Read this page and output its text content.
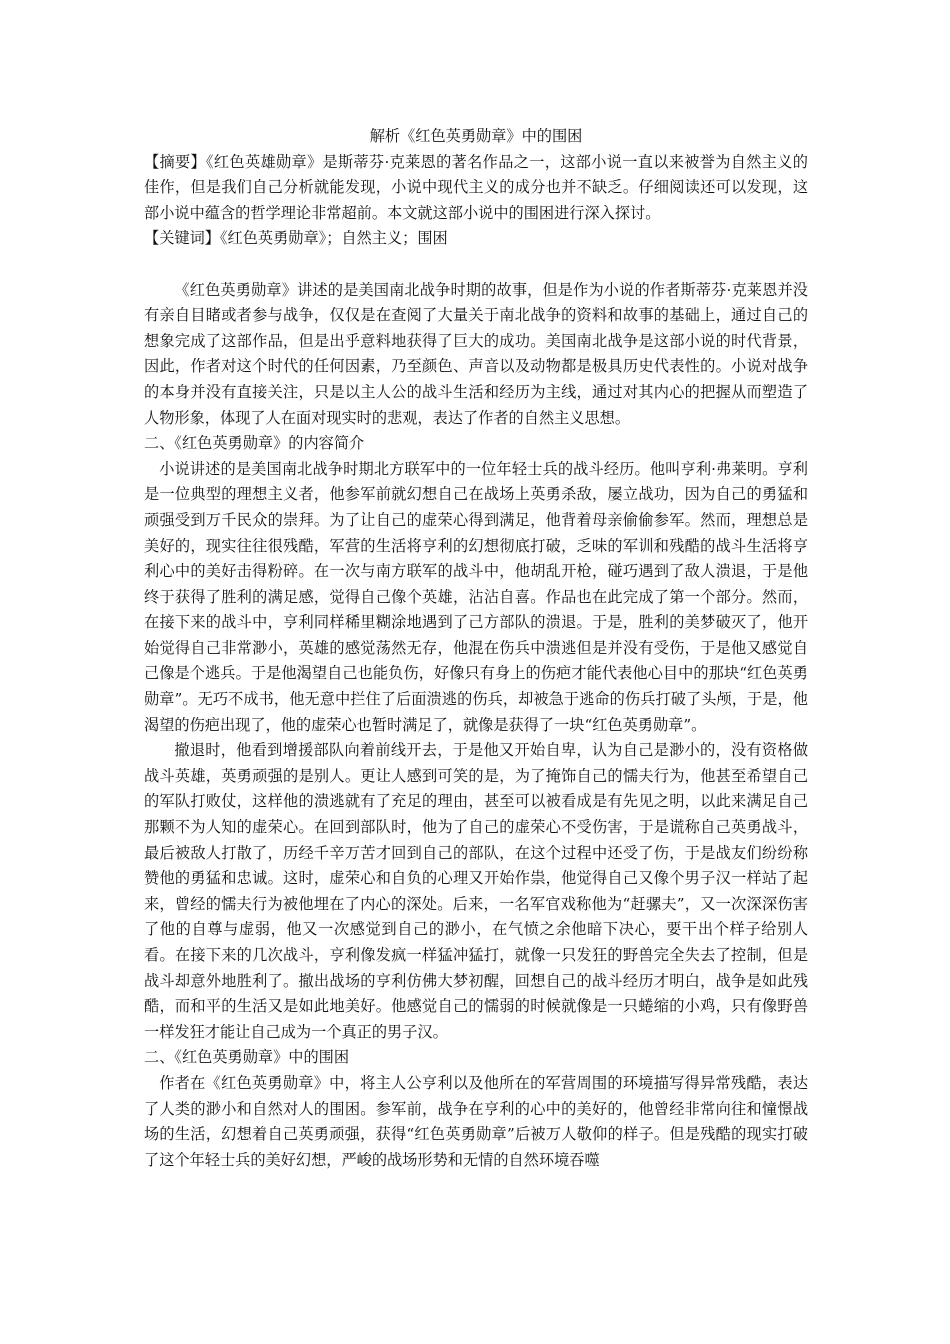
解析《红色英勇勋章》中的围困

【摘要】《红色英雄勋章》是斯蒂芬·克莱恩的著名作品之一，这部小说一直以来被誉为自然主义的佳作，但是我们自己分析就能发现，小说中现代主义的成分也并不缺乏。仔细阅读还可以发现，这部小说中蕴含的哲学理论非常超前。本文就这部小说中的围困进行深入探讨。

【关键词】《红色英勇勋章》；自然主义；围困

《红色英勇勋章》讲述的是美国南北战争时期的故事，但是作为小说的作者斯蒂芬·克莱恩并没有亲自目睹或者参与战争，仅仅是在查阅了大量关于南北战争的资料和故事的基础上，通过自己的想象完成了这部作品，但是出乎意料地获得了巨大的成功。美国南北战争是这部小说的时代背景，因此，作者对这个时代的任何因素，乃至颜色、声音以及动物都是极具历史代表性的。小说对战争的本身并没有直接关注，只是以主人公的战斗生活和经历为主线，通过对其内心的把握从而塑造了人物形象，体现了人在面对现实时的悲观，表达了作者的自然主义思想。

二、《红色英勇勋章》的内容简介

小说讲述的是美国南北战争时期北方联军中的一位年轻士兵的战斗经历。他叫亨利·弗莱明。亨利是一位典型的理想主义者，他参军前就幻想自己在战场上英勇杀敌，屡立战功，因为自己的勇猛和顽强受到万千民众的崇拜。为了让自己的虚荣心得到满足，他背着母亲偷偷参军。然而，理想总是美好的，现实往往很残酷，军营的生活将亨利的幻想彻底打破，乏味的军训和残酷的战斗生活将亨利心中的美好击得粉碎。在一次与南方联军的战斗中，他胡乱开枪，碰巧遇到了敌人溃退，于是他终于获得了胜利的满足感，觉得自己像个英雄，沾沾自喜。作品也在此完成了第一个部分。然而，在接下来的战斗中，亨利同样稀里糊涂地遇到了己方部队的溃退。于是，胜利的美梦破灭了，他开始觉得自己非常渺小，英雄的感觉荡然无存，他混在伤兵中溃逃但是并没有受伤，于是他又感觉自己像是个逃兵。于是他渴望自己也能负伤，好像只有身上的伤疤才能代表他心目中的那块“红色英勇勋章”。无巧不成书，他无意中拦住了后面溃逃的伤兵，却被急于逃命的伤兵打破了头颅，于是，他渴望的伤疤出现了，他的虚荣心也暂时满足了，就像是获得了一块“红色英勇勋章”。

撤退时，他看到增援部队向着前线开去，于是他又开始自卑，认为自己是渺小的，没有资格做战斗英雄，英勇顽强的是别人。更让人感到可笑的是，为了掩饰自己的懦夫行为，他甚至希望自己的军队打败仗，这样他的溃逃就有了充足的理由，甚至可以被看成是有先见之明，以此来满足自己那颗不为人知的虚荣心。在回到部队时，他为了自己的虚荣心不受伤害，于是谎称自己英勇战斗，最后被敌人打散了，历经千辛万苦才回到自己的部队，在这个过程中还受了伤，于是战友们纷纷称赞他的勇猛和忠诚。这时，虚荣心和自负的心理又开始作祟，他觉得自己又像个男子汉一样站了起来，曾经的懦夫行为被他埋在了内心的深处。后来，一名军官戏称他为“赶骡夫”，又一次深深伤害了他的自尊与虚弱，他又一次感觉到自己的渺小，在气愤之余他暗下决心，要干出个样子给别人看。在接下来的几次战斗，亨利像发疯一样猛冲猛打，就像一只发狂的野兽完全失去了控制，但是战斗却意外地胜利了。撤出战场的亨利仿佛大梦初醒，回想自己的战斗经历才明白，战争是如此残酷，而和平的生活又是如此地美好。他感觉自己的懦弱的时候就像是一只蜷缩的小鸡，只有像野兽一样发狂才能让自己成为一个真正的男子汉。

二、《红色英勇勋章》中的围困

作者在《红色英勇勋章》中，将主人公亨利以及他所在的军营周围的环境描写得异常残酷，表达了人类的渺小和自然对人的围困。参军前，战争在亨利的心中的美好的，他曾经非常向往和憧憬战场的生活，幻想着自己英勇顽强，获得“红色英勇勋章”后被万人敬仰的样子。但是残酷的现实打破了这个年轻士兵的美好幻想，严峻的战场形势和无情的自然环境吞噬
